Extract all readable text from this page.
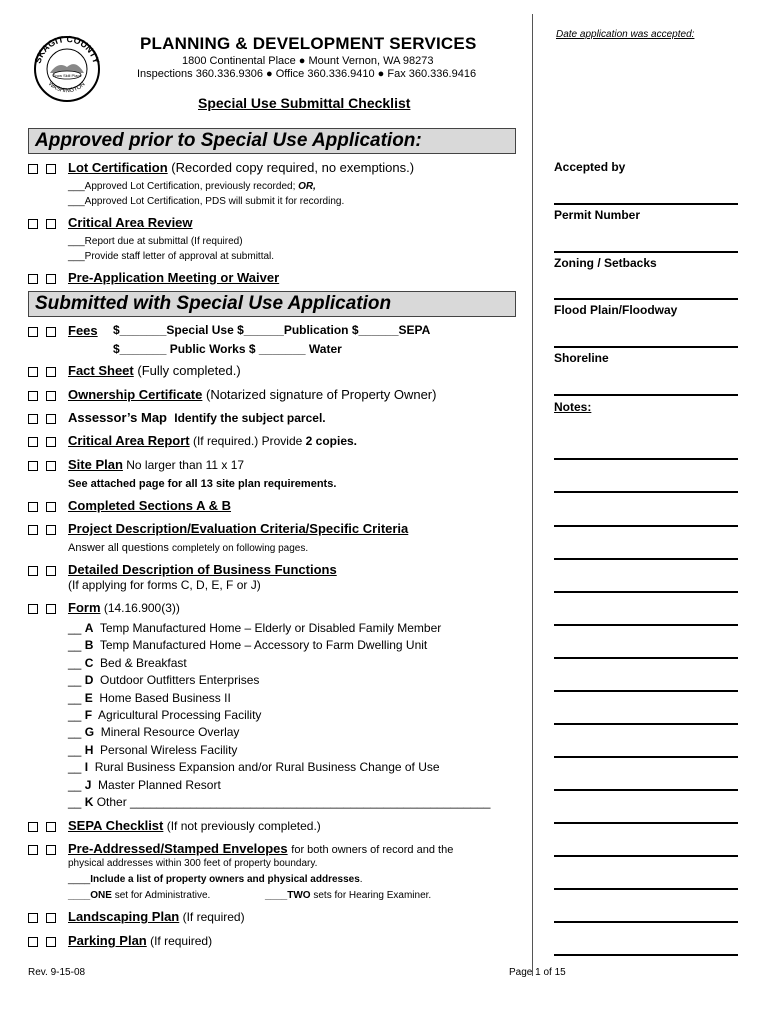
Date application was accepted:
SKAGIT COUNTY
WASHINGTON
Grow Skill Place
PLANNING & DEVELOPMENT SERVICES
1800 Continental Place ● Mount Vernon, WA 98273
Inspections 360.336.9306 ● Office 360.336.9410 ● Fax 360.336.9416
Special Use Submittal Checklist
Approved prior to Special Use Application:
Lot Certification (Recorded copy required, no exemptions.)
___Approved Lot Certification, previously recorded; OR,
___Approved Lot Certification, PDS will submit it for recording.
Critical Area Review
___Report due at submittal (If required)
___Provide staff letter of approval at submittal.
Pre-Application Meeting or Waiver
Submitted with Special Use Application
Fees $_______Special Use $______Publication $______SEPA
$_______ Public Works $ _______ Water
Fact Sheet (Fully completed.)
Ownership Certificate (Notarized signature of Property Owner)
Assessor’s Map Identify the subject parcel.
Critical Area Report (If required.) Provide 2 copies.
Site Plan No larger than 11 x 17
See attached page for all 13 site plan requirements.
Completed Sections A & B
Project Description/Evaluation Criteria/Specific Criteria
Answer all questions completely on following pages.
Detailed Description of Business Functions
(If applying for forms C, D, E, F or J)
Form (14.16.900(3))
__ A Temp Manufactured Home – Elderly or Disabled Family Member
__ B Temp Manufactured Home – Accessory to Farm Dwelling Unit
__ C Bed & Breakfast
__ D Outdoor Outfitters Enterprises
__ E Home Based Business II
__ F Agricultural Processing Facility
__ G Mineral Resource Overlay
__ H Personal Wireless Facility
__ I Rural Business Expansion and/or Rural Business Change of Use
__ J Master Planned Resort
__ K Other ______________________________________________________
SEPA Checklist (If not previously completed.)
Pre-Addressed/Stamped Envelopes for both owners of record and the
physical addresses within 300 feet of property boundary.
____Include a list of property owners and physical addresses.
____ONE set for Administrative.	____TWO sets for Hearing Examiner.
Landscaping Plan (If required)
Parking Plan (If required)
Accepted by
Permit Number
Zoning / Setbacks
Flood Plain/Floodway
Shoreline
Notes:
Rev. 9-15-08	Page 1 of 15
